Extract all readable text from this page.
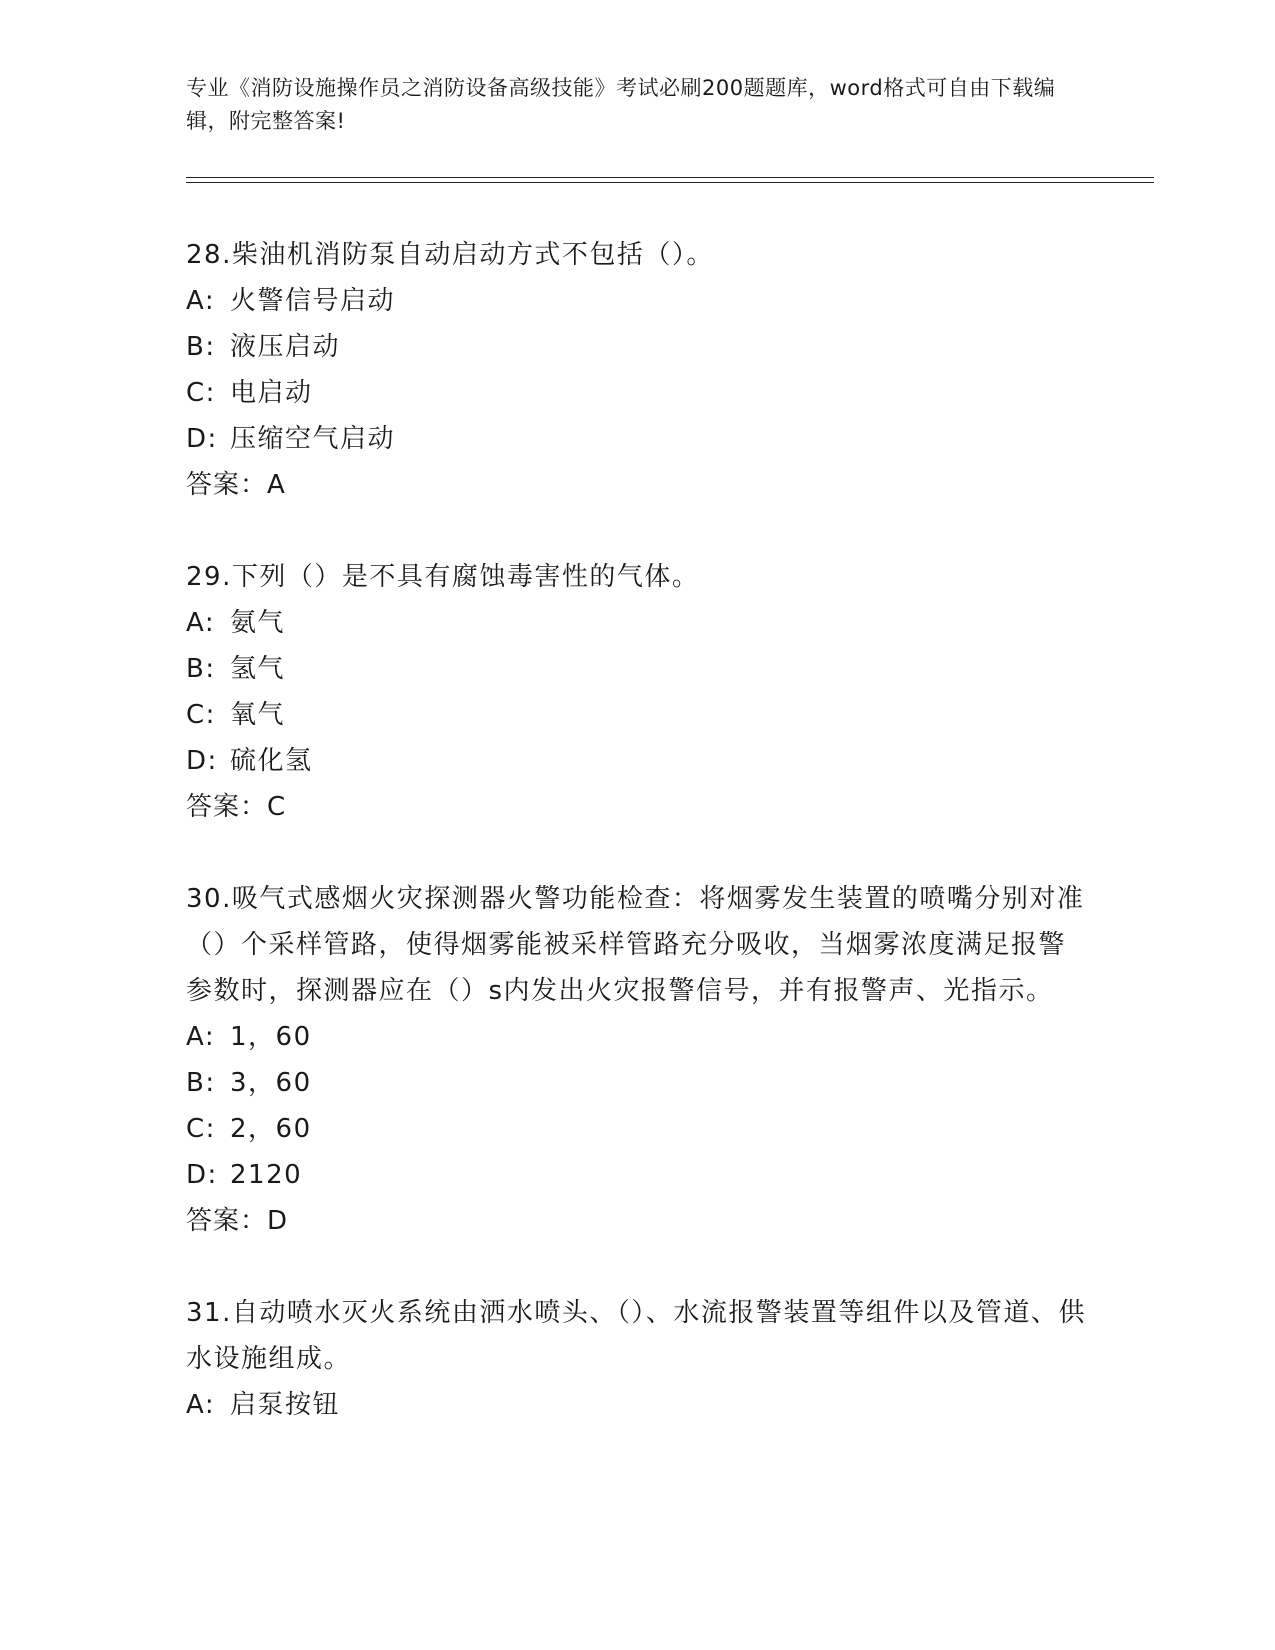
专业《消防设施操作员之消防设备高级技能》考试必刷200题题库，word格式可自由下载编辑，附完整答案!
28.柴油机消防泵自动启动方式不包括（）。
A: 火警信号启动
B: 液压启动
C: 电启动
D: 压缩空气启动
答案：A
29.下列（）是不具有腐蚀毒害性的气体。
A: 氨气
B: 氢气
C: 氧气
D: 硫化氢
答案：C
30.吸气式感烟火灾探测器火警功能检查：将烟雾发生装置的喷嘴分别对准（）个采样管路，使得烟雾能被采样管路充分吸收，当烟雾浓度满足报警参数时，探测器应在（）s内发出火灾报警信号，并有报警声、光指示。
A: 1，60
B: 3，60
C: 2，60
D: 2120
答案：D
31.自动喷水灭火系统由洒水喷头、（）、水流报警装置等组件以及管道、供水设施组成。
A: 启泵按钮
